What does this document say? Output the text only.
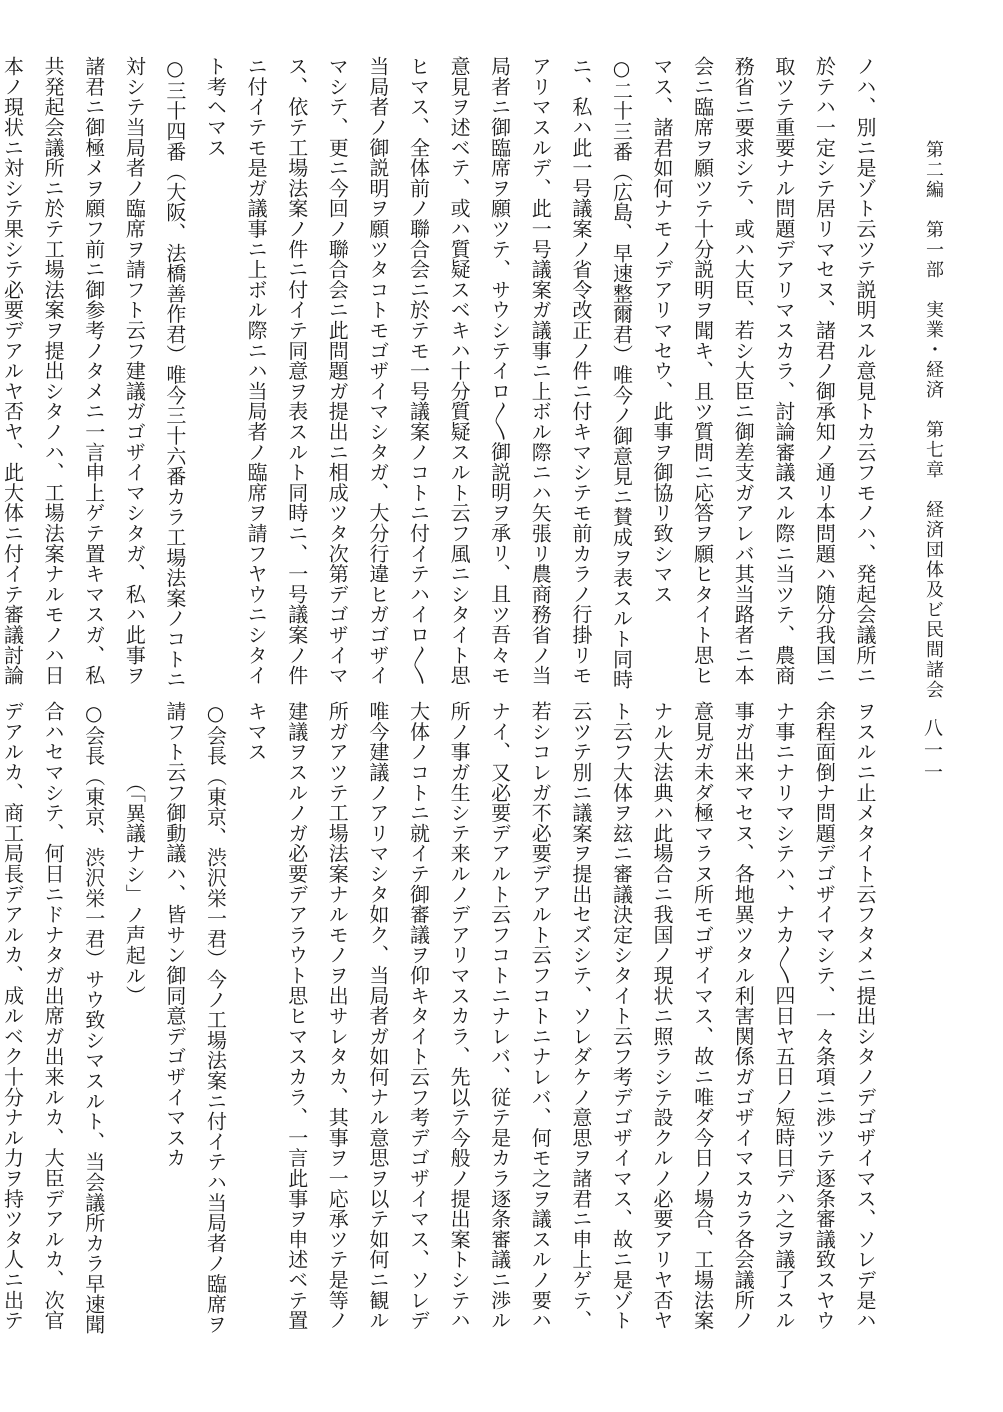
第二編　第一部　実業・経済　第七章　経済団体及ビ民間諸会
八一一
ノハ、別ニ是ゾト云ツテ説明スル意見トカ云フモノハ、発起会議所ニ
於テハ一定シテ居リマセヌ、諸君ノ御承知ノ通リ本問題ハ随分我国ニ
取ツテ重要ナル問題デアリマスカラ、討論審議スル際ニ当ツテ、農商
務省ニ要求シテ、或ハ大臣、若シ大臣ニ御差支ガアレバ其当路者ニ本
会ニ臨席ヲ願ツテ十分説明ヲ聞キ、且ツ質問ニ応答ヲ願ヒタイト思ヒ
マス、諸君如何ナモノデアリマセウ、此事ヲ御協リ致シマス
○二十三番（広島、早速整爾君）唯今ノ御意見ニ賛成ヲ表スルト同時
ニ、私ハ此一号議案ノ省令改正ノ件ニ付キマシテモ前カラノ行掛リモ
アリマスルデ、此一号議案ガ議事ニ上ボル際ニハ矢張リ農商務省ノ当
局者ニ御臨席ヲ願ツテ、サウシテイロ〳〵御説明ヲ承リ、且ツ吾々モ
意見ヲ述ベテ、或ハ質疑スベキハ十分質疑スルト云フ風ニシタイト思
ヒマス、全体前ノ聯合会ニ於テモ一号議案ノコトニ付イテハイロ〳〵
当局者ノ御説明ヲ願ツタコトモゴザイマシタガ、大分行違ヒガゴザイ
マシテ、更ニ今回ノ聯合会ニ此問題ガ提出ニ相成ツタ次第デゴザイマ
ス、依テ工場法案ノ件ニ付イテ同意ヲ表スルト同時ニ、一号議案ノ件
ニ付イテモ是ガ議事ニ上ボル際ニハ当局者ノ臨席ヲ請フヤウニシタイ
ト考ヘマス
○三十四番（大阪、法橋善作君）唯今三十六番カラ工場法案ノコトニ
対シテ当局者ノ臨席ヲ請フト云フ建議ガゴザイマシタガ、私ハ此事ヲ
諸君ニ御極メヲ願フ前ニ御参考ノタメニ一言申上ゲテ置キマスガ、私
共発起会議所ニ於テ工場法案ヲ提出シタノハ、工場法案ナルモノハ日
本ノ現状ニ対シテ果シテ必要デアルヤ否ヤ、此大体ニ付イテ審議討論
ヲスルニ止メタイト云フタメニ提出シタノデゴザイマス、ソレデ是ハ
余程面倒ナ問題デゴザイマシテ、一々条項ニ渉ツテ逐条審議致スヤウ
ナ事ニナリマシテハ、ナカ〳〵四日ヤ五日ノ短時日デハ之ヲ議了スル
事ガ出来マセヌ、各地異ツタル利害関係ガゴザイマスカラ各会議所ノ
意見ガ未ダ極マラヌ所モゴザイマス、故ニ唯ダ今日ノ場合、工場法案
ナル大法典ハ此場合ニ我国ノ現状ニ照ラシテ設クルノ必要アリヤ否ヤ
ト云フ大体ヲ玆ニ審議決定シタイト云フ考デゴザイマス、故ニ是ゾト
云ツテ別ニ議案ヲ提出セズシテ、ソレダケノ意思ヲ諸君ニ申上ゲテ、
若シコレガ不必要デアルト云フコトニナレバ、何モ之ヲ議スルノ要ハ
ナイ、又必要デアルト云フコトニナレバ、従テ是カラ逐条審議ニ渉ル
所ノ事ガ生シテ来ルノデアリマスカラ、先以テ今般ノ提出案トシテハ
大体ノコトニ就イテ御審議ヲ仰キタイト云フ考デゴザイマス、ソレデ
唯今建議ノアリマシタ如ク、当局者ガ如何ナル意思ヲ以テ如何ニ観ル
所ガアツテ工場法案ナルモノヲ出サレタカ、其事ヲ一応承ツテ是等ノ
建議ヲスルノガ必要デアラウト思ヒマスカラ、一言此事ヲ申述ベテ置
キマス
○会長（東京、渋沢栄一君）今ノ工場法案ニ付イテハ当局者ノ臨席ヲ
請フト云フ御動議ハ、皆サン御同意デゴザイマスカ
　　　　（「異議ナシ」ノ声起ル）
○会長（東京、渋沢栄一君）サウ致シマスルト、当会議所カラ早速聞
合ハセマシテ、何日ニドナタガ出席ガ出来ルカ、大臣デアルカ、次官
デアルカ、商工局長デアルカ、成ルベク十分ナル力ヲ持ツタ人ニ出テ
